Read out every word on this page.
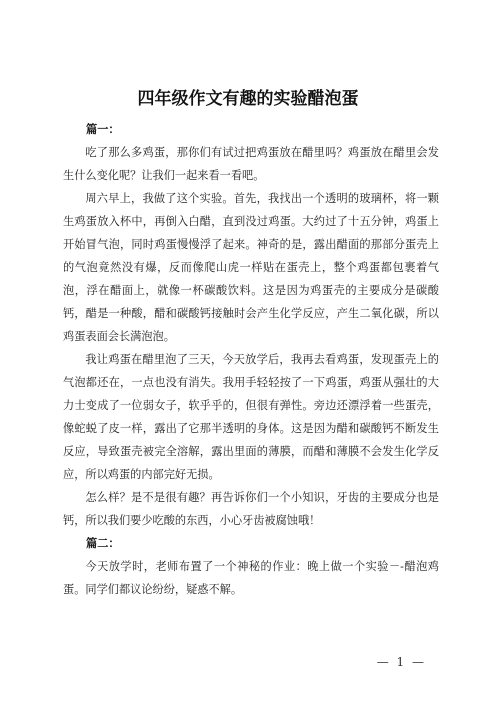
四年级作文有趣的实验醋泡蛋

篇一：

吃了那么多鸡蛋，那你们有试过把鸡蛋放在醋里吗？鸡蛋放在醋里会发生什么变化呢？让我们一起来看一看吧。

周六早上，我做了这个实验。首先，我找出一个透明的玻璃杯，将一颗生鸡蛋放入杯中，再倒入白醋，直到没过鸡蛋。大约过了十五分钟，鸡蛋上开始冒气泡，同时鸡蛋慢慢浮了起来。神奇的是，露出醋面的那部分蛋壳上的气泡竟然没有爆，反而像爬山虎一样贴在蛋壳上，整个鸡蛋都包裹着气泡，浮在醋面上，就像一杯碳酸饮料。这是因为鸡蛋壳的主要成分是碳酸钙，醋是一种酸，醋和碳酸钙接触时会产生化学反应，产生二氧化碳，所以鸡蛋表面会长满泡泡。

我让鸡蛋在醋里泡了三天，今天放学后，我再去看鸡蛋，发现蛋壳上的气泡都还在，一点也没有消失。我用手轻轻按了一下鸡蛋，鸡蛋从强壮的大力士变成了一位弱女子，软乎乎的，但很有弹性。旁边还漂浮着一些蛋壳，像蛇蜕了皮一样，露出了它那半透明的身体。这是因为醋和碳酸钙不断发生反应，导致蛋壳被完全溶解，露出里面的薄膜，而醋和薄膜不会发生化学反应，所以鸡蛋的内部完好无损。

怎么样？是不是很有趣？再告诉你们一个小知识，牙齿的主要成分也是钙，所以我们要少吃酸的东西，小心牙齿被腐蚀哦！

篇二：

今天放学时，老师布置了一个神秘的作业：晚上做一个实验－-醋泡鸡蛋。同学们都议论纷纷，疑惑不解。

— 1 —
